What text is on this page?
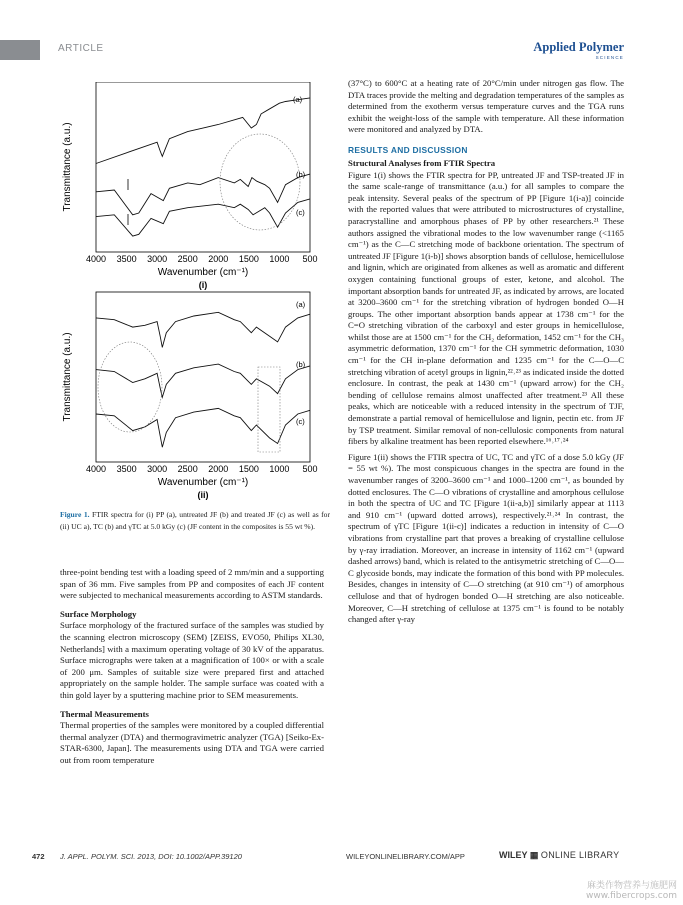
ARTICLE	Applied Polymer
SCIENCE
Transmittance (a.u.)
4000 3500 3000 2500 2000 1500 1000 500
Wavenumber (cm⁻¹)
(i)
(a)
(b)
(c)
Transmittance (a.u.)
4000 3500 3000 2500 2000 1500 1000 500
Wavenumber (cm⁻¹)
(ii)
(a)
(b)
(c)
Figure 1. FTIR spectra for (i) PP (a), untreated JF (b) and treated JF (c) as well as for (ii) UC a), TC (b) and γTC at 5.0 kGy (c) (JF content in the composites is 55 wt %).

three-point bending test with a loading speed of 2 mm/min and a supporting span of 36 mm. Five samples from PP and composites of each JF content were subjected to mechanical measurements according to ASTM standards.

Surface Morphology

Surface morphology of the fractured surface of the samples was studied by the scanning electron microscopy (SEM) [ZEISS, EVO50, Philips XL30, Netherlands] with a maximum operating voltage of 30 kV of the apparatus. Surface micrographs were taken at a magnification of 100× or with a scale of 200 μm. Samples of suitable size were prepared first and attached appropriately on the sample holder. The sample surface was coated with a thin gold layer by a sputtering machine prior to SEM measurements.

Thermal Measurements

Thermal properties of the samples were monitored by a coupled differential thermal analyzer (DTA) and thermogravimetric analyzer (TGA) [Seiko-Ex-STAR-6300, Japan]. The measurements using DTA and TGA were carried out from room temperature

(37°C) to 600°C at a heating rate of 20°C/min under nitrogen gas flow. The DTA traces provide the melting and degradation temperatures of the samples as determined from the exotherm versus temperature curves and the TGA runs exhibit the weight-loss of the sample with temperature. All these information were monitored and analyzed by DTA.

RESULTS AND DISCUSSION

Structural Analyses from FTIR Spectra

Figure 1(i) shows the FTIR spectra for PP, untreated JF and TSP-treated JF in the same scale-range of transmittance (a.u.) for all samples to compare the peak intensity. Several peaks of the spectrum of PP [Figure 1(i-a)] coincide with the reported values that were attributed to microstructures of crystalline, paracrystalline and amorphous phases of PP by other researchers.²¹ These authors assigned the vibrational modes to the low wavenumber range (<1165 cm⁻¹) as the C—C stretching mode of backbone orientation. The spectrum of untreated JF [Figure 1(i-b)] shows absorption bands of cellulose, hemicellulose and lignin, which are originated from alkenes as well as aromatic and different oxygen containing functional groups of ester, ketone, and alcohol. The important absorption bands for untreated JF, as indicated by arrows, are located at 3200–3600 cm⁻¹ for the stretching vibration of hydrogen bonded O—H groups. The other important absorption bands appear at 1738 cm⁻¹ for the C=O stretching vibration of the carboxyl and ester groups in hemicellulose, whilst those are at 1500 cm⁻¹ for the CH₂ deformation, 1452 cm⁻¹ for the CH₃ asymmetric deformation, 1370 cm⁻¹ for the CH symmetric deformation, 1030 cm⁻¹ for the CH in-plane deformation and 1235 cm⁻¹ for the C—O—C stretching vibration of acetyl groups in lignin,²²˒²³ as indicated inside the dotted enclosure. In contrast, the peak at 1430 cm⁻¹ (upward arrow) for the CH₂ bending of cellulose remains almost unaffected after treatment.²³ All these peaks, which are noticeable with a reduced intensity in the spectrum of TJF, demonstrate a partial removal of hemicellulose and lignin, pectin etc. from JF by TSP treatment. Similar removal of non-cellulosic components from natural fibers by alkaline treatment has been reported elsewhere.¹⁶˒¹⁷˒²⁴

Figure 1(ii) shows the FTIR spectra of UC, TC and γTC of a dose 5.0 kGy (JF = 55 wt %). The most conspicuous changes in the spectra are found in the wavenumber ranges of 3200–3600 cm⁻¹ and 1000–1200 cm⁻¹, as bounded by dotted enclosures. The C—O vibrations of crystalline and amorphous cellulose in both the spectra of UC and TC [Figure 1(ii-a,b)] similarly appear at 1113 and 910 cm⁻¹ (upward dotted arrows), respectively.²¹˒²⁴ In contrast, the spectrum of γTC [Figure 1(ii-c)] indicates a reduction in intensity of C—O vibrations from crystalline part that proves a breaking of crystalline cellulose by γ-ray irradiation. Moreover, an increase in intensity of 1162 cm⁻¹ (upward dashed arrows) band, which is related to the antisymetric stretching of C—O—C glycoside bonds, may indicate the formation of this bond with PP molecules. Besides, changes in intensity of C—O stretching (at 910 cm⁻¹) of amorphous cellulose and that of hydrogen bonded O—H stretching are also noticeable. Moreover, C—H stretching of cellulose at 1375 cm⁻¹ is found to be notably changed after γ-ray

472 J. APPL. POLYM. SCI. 2013, DOI: 10.1002/APP.39120	WILEYONLINELIBRARY.COM/APP	WILEY ▦ ONLINE LIBRARY
麻类作物营养与施肥网
www.fibercrops.com
